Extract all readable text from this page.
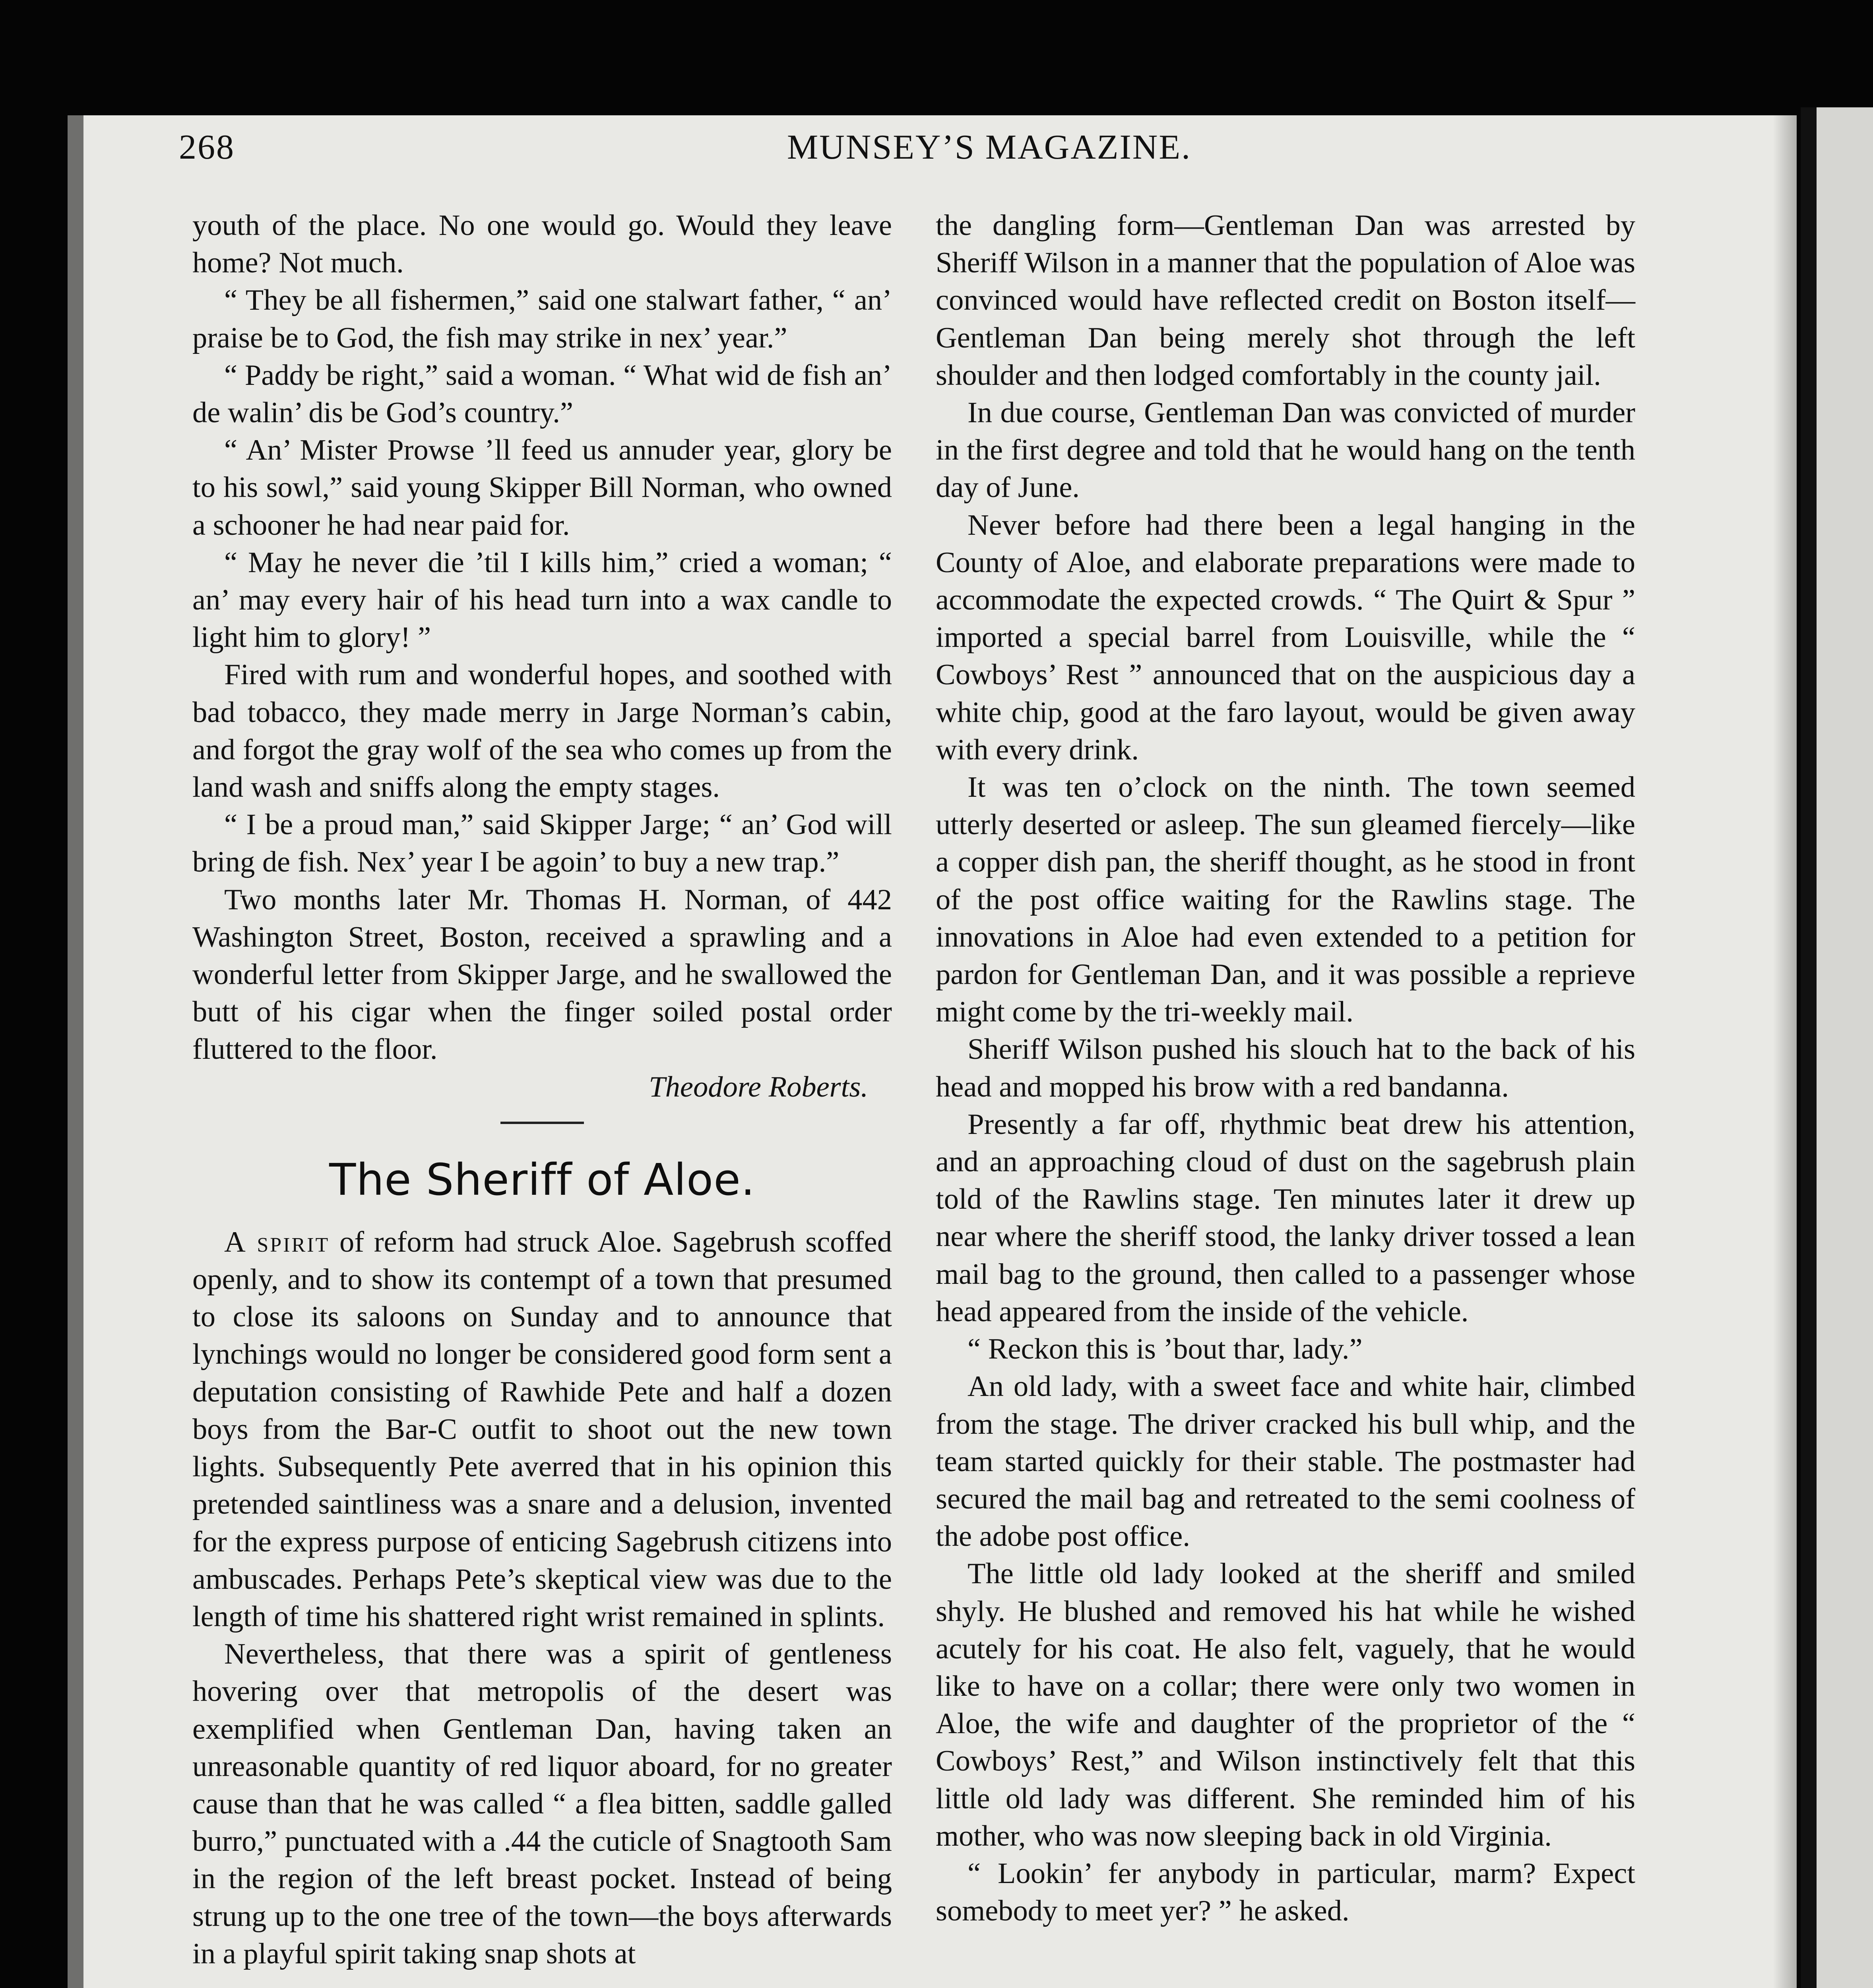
268	MUNSEY’S MAGAZINE.

youth of the place. No one would go. Would they leave home? Not much.

“ They be all fishermen,” said one stalwart father, “ an’ praise be to God, the fish may strike in nex’ year.”

“ Paddy be right,” said a woman. “ What wid de fish an’ de walin’ dis be God’s country.”

“ An’ Mister Prowse ’ll feed us annuder year, glory be to his sowl,” said young Skipper Bill Norman, who owned a schooner he had near paid for.

“ May he never die ’til I kills him,” cried a woman; “ an’ may every hair of his head turn into a wax candle to light him to glory! ”

Fired with rum and wonderful hopes, and soothed with bad tobacco, they made merry in Jarge Norman’s cabin, and forgot the gray wolf of the sea who comes up from the land wash and sniffs along the empty stages.

“ I be a proud man,” said Skipper Jarge; “ an’ God will bring de fish. Nex’ year I be agoin’ to buy a new trap.”

Two months later Mr. Thomas H. Norman, of 442 Washington Street, Boston, received a sprawling and a wonderful letter from Skipper Jarge, and he swallowed the butt of his cigar when the finger soiled postal order fluttered to the floor.

Theodore Roberts.

The Sheriff of Aloe.

A spirit of reform had struck Aloe. Sagebrush scoffed openly, and to show its contempt of a town that presumed to close its saloons on Sunday and to announce that lynchings would no longer be considered good form sent a deputation consisting of Rawhide Pete and half a dozen boys from the Bar-C outfit to shoot out the new town lights. Subsequently Pete averred that in his opinion this pretended saintliness was a snare and a delusion, invented for the express purpose of enticing Sagebrush citizens into ambuscades. Perhaps Pete’s skeptical view was due to the length of time his shattered right wrist remained in splints.

Nevertheless, that there was a spirit of gentleness hovering over that metropolis of the desert was exemplified when Gentleman Dan, having taken an unreasonable quantity of red liquor aboard, for no greater cause than that he was called “ a flea bitten, saddle galled burro,” punctuated with a .44 the cuticle of Snagtooth Sam in the region of the left breast pocket. Instead of being strung up to the one tree of the town—the boys afterwards in a playful spirit taking snap shots at

the dangling form—Gentleman Dan was arrested by Sheriff Wilson in a manner that the population of Aloe was convinced would have reflected credit on Boston itself—Gentleman Dan being merely shot through the left shoulder and then lodged comfortably in the county jail.

In due course, Gentleman Dan was convicted of murder in the first degree and told that he would hang on the tenth day of June.

Never before had there been a legal hanging in the County of Aloe, and elaborate preparations were made to accommodate the expected crowds. “ The Quirt & Spur ” imported a special barrel from Louisville, while the “ Cowboys’ Rest ” announced that on the auspicious day a white chip, good at the faro layout, would be given away with every drink.

It was ten o’clock on the ninth. The town seemed utterly deserted or asleep. The sun gleamed fiercely—like a copper dish pan, the sheriff thought, as he stood in front of the post office waiting for the Rawlins stage. The innovations in Aloe had even extended to a petition for pardon for Gentleman Dan, and it was possible a reprieve might come by the tri-weekly mail.

Sheriff Wilson pushed his slouch hat to the back of his head and mopped his brow with a red bandanna.

Presently a far off, rhythmic beat drew his attention, and an approaching cloud of dust on the sagebrush plain told of the Rawlins stage. Ten minutes later it drew up near where the sheriff stood, the lanky driver tossed a lean mail bag to the ground, then called to a passenger whose head appeared from the inside of the vehicle.

“ Reckon this is ’bout thar, lady.”

An old lady, with a sweet face and white hair, climbed from the stage. The driver cracked his bull whip, and the team started quickly for their stable. The postmaster had secured the mail bag and retreated to the semi coolness of the adobe post office.

The little old lady looked at the sheriff and smiled shyly. He blushed and removed his hat while he wished acutely for his coat. He also felt, vaguely, that he would like to have on a collar; there were only two women in Aloe, the wife and daughter of the proprietor of the “ Cowboys’ Rest,” and Wilson instinctively felt that this little old lady was different. She reminded him of his mother, who was now sleeping back in old Virginia.

“ Lookin’ fer anybody in particular, marm? Expect somebody to meet yer? ” he asked.
